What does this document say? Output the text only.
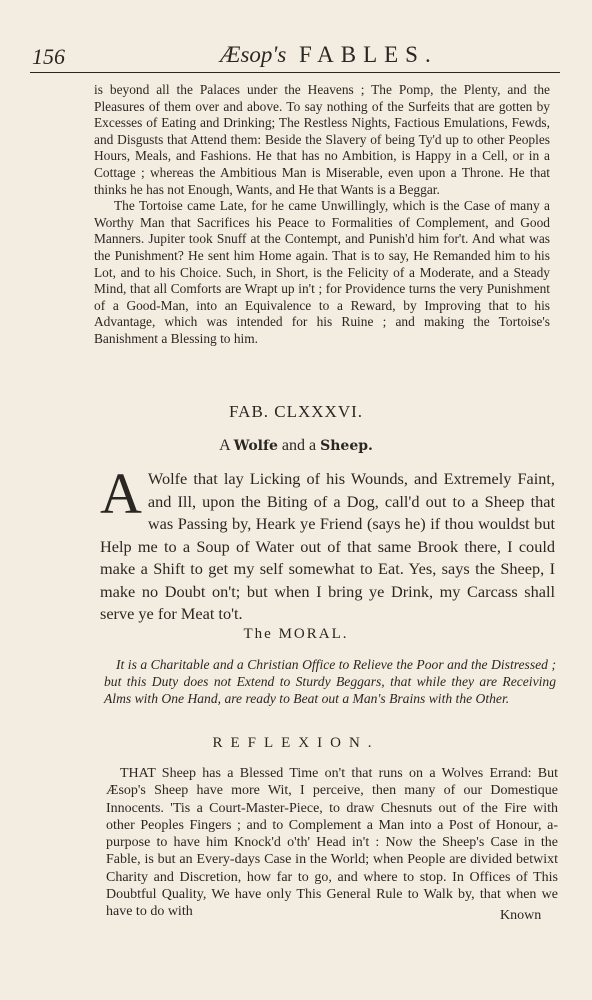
156	Æsop's FABLES.

is beyond all the Palaces under the Heavens ; The Pomp, the Plenty, and the Pleasures of them over and above. To say nothing of the Surfeits that are gotten by Excesses of Eating and Drinking; The Restless Nights, Factious Emulations, Fewds, and Disgusts that Attend them: Beside the Slavery of being Ty'd up to other Peoples Hours, Meals, and Fashions. He that has no Ambition, is Happy in a Cell, or in a Cottage ; whereas the Ambitious Man is Miserable, even upon a Throne. He that thinks he has not Enough, Wants, and He that Wants is a Beggar.

The Tortoise came Late, for he came Unwillingly, which is the Case of many a Worthy Man that Sacrifices his Peace to Formalities of Complement, and Good Manners. Jupiter took Snuff at the Contempt, and Punish'd him for't. And what was the Punishment? He sent him Home again. That is to say, He Remanded him to his Lot, and to his Choice. Such, in Short, is the Felicity of a Moderate, and a Steady Mind, that all Comforts are Wrapt up in't ; for Providence turns the very Punishment of a Good-Man, into an Equivalence to a Reward, by Improving that to his Advantage, which was intended for his Ruine ; and making the Tortoise's Banishment a Blessing to him.

FAB. CLXXXVI.
A Wolfe and a Sheep.
A Wolfe that lay Licking of his Wounds, and Extremely Faint, and Ill, upon the Biting of a Dog, call'd out to a Sheep that was Passing by, Heark ye Friend (says he) if thou wouldst but Help me to a Soup of Water out of that same Brook there, I could make a Shift to get my self somewhat to Eat. Yes, says the Sheep, I make no Doubt on't; but when I bring ye Drink, my Carcass shall serve ye for Meat to't.
The MORAL.

It is a Charitable and a Christian Office to Relieve the Poor and the Distressed ; but this Duty does not Extend to Sturdy Beggars, that while they are Receiving Alms with One Hand, are ready to Beat out a Man's Brains with the Other.

REFLEXION.

THAT Sheep has a Blessed Time on't that runs on a Wolves Errand: But Æsop's Sheep have more Wit, I perceive, then many of our Domestique Innocents. 'Tis a Court-Master-Piece, to draw Chesnuts out of the Fire with other Peoples Fingers ; and to Complement a Man into a Post of Honour, a-purpose to have him Knock'd o'th' Head in't : Now the Sheep's Case in the Fable, is but an Every-days Case in the World; when People are divided betwixt Charity and Discretion, how far to go, and where to stop. In Offices of This Doubtful Quality, We have only This General Rule to Walk by, that when we have to do with	Known
